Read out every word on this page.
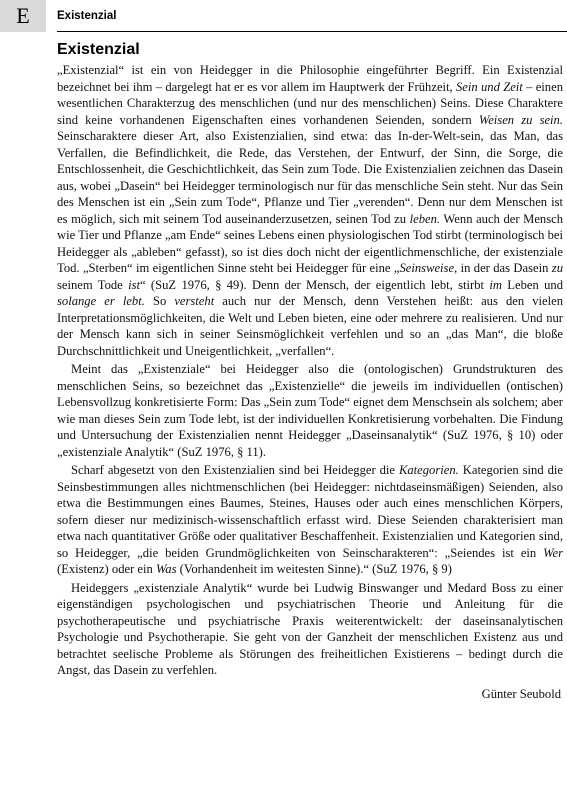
E Existenzial
Existenzial

„Existenzial“ ist ein von Heidegger in die Philosophie eingeführter Begriff. Ein Existenzial bezeichnet bei ihm – dargelegt hat er es vor allem im Hauptwerk der Frühzeit, Sein und Zeit – einen wesentlichen Charakterzug des menschlichen (und nur des menschlichen) Seins. Diese Charaktere sind keine vorhandenen Eigenschaften eines vorhandenen Seienden, sondern Weisen zu sein. Seinscharaktere dieser Art, also Existenzialien, sind etwa: das In-der-Welt-sein, das Man, das Verfallen, die Befindlichkeit, die Rede, das Verstehen, der Entwurf, der Sinn, die Sorge, die Entschlossenheit, die Geschichtlichkeit, das Sein zum Tode. Die Existenzialien zeichnen das Dasein aus, wobei „Dasein“ bei Heidegger terminologisch nur für das menschliche Sein steht. Nur das Sein des Menschen ist ein „Sein zum Tode“, Pflanze und Tier „verenden“. Denn nur dem Menschen ist es möglich, sich mit seinem Tod auseinanderzusetzen, seinen Tod zu leben. Wenn auch der Mensch wie Tier und Pflanze „am Ende“ seines Lebens einen physiologischen Tod stirbt (terminologisch bei Heidegger als „ableben“ gefasst), so ist dies doch nicht der eigentlichmenschliche, der existenziale Tod. „Sterben“ im eigentlichen Sinne steht bei Heidegger für eine „Seinsweise, in der das Dasein zu seinem Tode ist“ (SuZ 1976, § 49). Denn der Mensch, der eigentlich lebt, stirbt im Leben und solange er lebt. So versteht auch nur der Mensch, denn Verstehen heißt: aus den vielen Interpretationsmöglichkeiten, die Welt und Leben bieten, eine oder mehrere zu realisieren. Und nur der Mensch kann sich in seiner Seinsmöglichkeit verfehlen und so an „das Man“, die bloße Durchschnittlichkeit und Uneigentlichkeit, „verfallen“.

Meint das „Existenziale“ bei Heidegger also die (ontologischen) Grundstrukturen des menschlichen Seins, so bezeichnet das „Existenzielle“ die jeweils im individuellen (ontischen) Lebensvollzug konkretisierte Form: Das „Sein zum Tode“ eignet dem Menschsein als solchem; aber wie man dieses Sein zum Tode lebt, ist der individuellen Konkretisierung vorbehalten. Die Findung und Untersuchung der Existenzialien nennt Heidegger „Daseinsanalytik“ (SuZ 1976, § 10) oder „existenziale Analytik“ (SuZ 1976, § 11).

Scharf abgesetzt von den Existenzialien sind bei Heidegger die Kategorien. Kategorien sind die Seinsbestimmungen alles nichtmenschlichen (bei Heidegger: nichtdaseinsmäßigen) Seienden, also etwa die Bestimmungen eines Baumes, Steines, Hauses oder auch eines menschlichen Körpers, sofern dieser nur medizinisch-wissenschaftlich erfasst wird. Diese Seienden charakterisiert man etwa nach quantitativer Größe oder qualitativer Beschaffenheit. Existenzialien und Kategorien sind, so Heidegger, „die beiden Grundmöglichkeiten von Seinscharakteren“: „Seiendes ist ein Wer (Existenz) oder ein Was (Vorhandenheit im weitesten Sinne).“ (SuZ 1976, § 9)

Heideggers „existenziale Analytik“ wurde bei Ludwig Binswanger und Medard Boss zu einer eigenständigen psychologischen und psychiatrischen Theorie und Anleitung für die psychotherapeutische und psychiatrische Praxis weiterentwickelt: der daseinsanalytischen Psychologie und Psychotherapie. Sie geht von der Ganzheit der menschlichen Existenz aus und betrachtet seelische Probleme als Störungen des freiheitlichen Existierens – bedingt durch die Angst, das Dasein zu verfehlen.

Günter Seubold
